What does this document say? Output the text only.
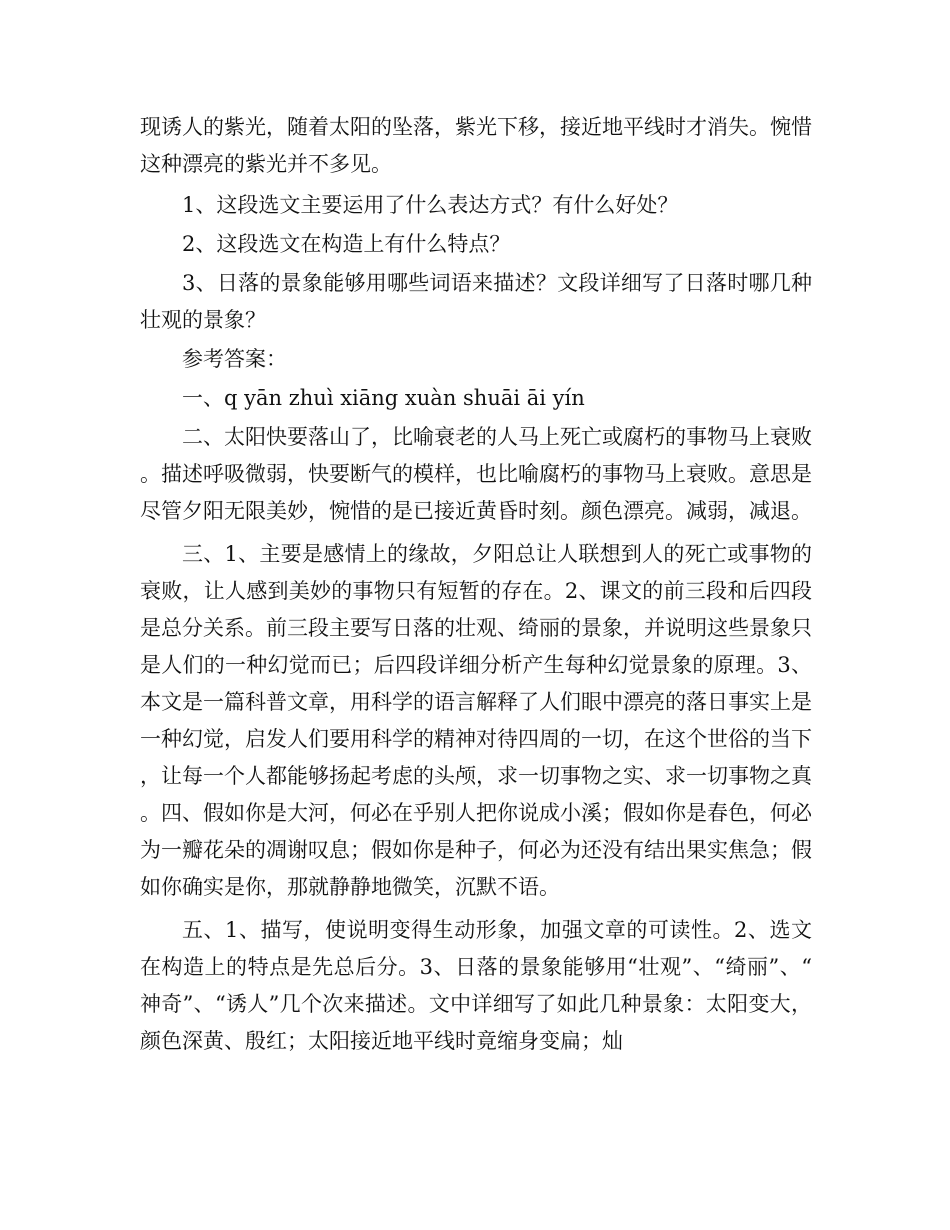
现诱人的紫光，随着太阳的坠落，紫光下移，接近地平线时才消失。惋惜这种漂亮的紫光并不多见。

1、这段选文主要运用了什么表达方式？有什么好处？

2、这段选文在构造上有什么特点？

3、日落的景象能够用哪些词语来描述？文段详细写了日落时哪几种壮观的景象？

参考答案：

一、q yān zhuì xiāng xuàn shuāi āi yín

二、太阳快要落山了，比喻衰老的人马上死亡或腐朽的事物马上衰败。描述呼吸微弱，快要断气的模样，也比喻腐朽的事物马上衰败。意思是尽管夕阳无限美妙，惋惜的是已接近黄昏时刻。颜色漂亮。减弱，减退。

三、1、主要是感情上的缘故，夕阳总让人联想到人的死亡或事物的衰败，让人感到美妙的事物只有短暂的存在。2、课文的前三段和后四段是总分关系。前三段主要写日落的壮观、绮丽的景象，并说明这些景象只是人们的一种幻觉而已；后四段详细分析产生每种幻觉景象的原理。3、本文是一篇科普文章，用科学的语言解释了人们眼中漂亮的落日事实上是一种幻觉，启发人们要用科学的精神对待四周的一切，在这个世俗的当下，让每一个人都能够扬起考虑的头颅，求一切事物之实、求一切事物之真。四、假如你是大河，何必在乎别人把你说成小溪；假如你是春色，何必为一瓣花朵的凋谢叹息；假如你是种子，何必为还没有结出果实焦急；假如你确实是你，那就静静地微笑，沉默不语。

五、1、描写，使说明变得生动形象，加强文章的可读性。2、选文在构造上的特点是先总后分。3、日落的景象能够用“壮观”、“绮丽”、“神奇”、“诱人”几个次来描述。文中详细写了如此几种景象：太阳变大，颜色深黄、殷红；太阳接近地平线时竟缩身变扁；灿
